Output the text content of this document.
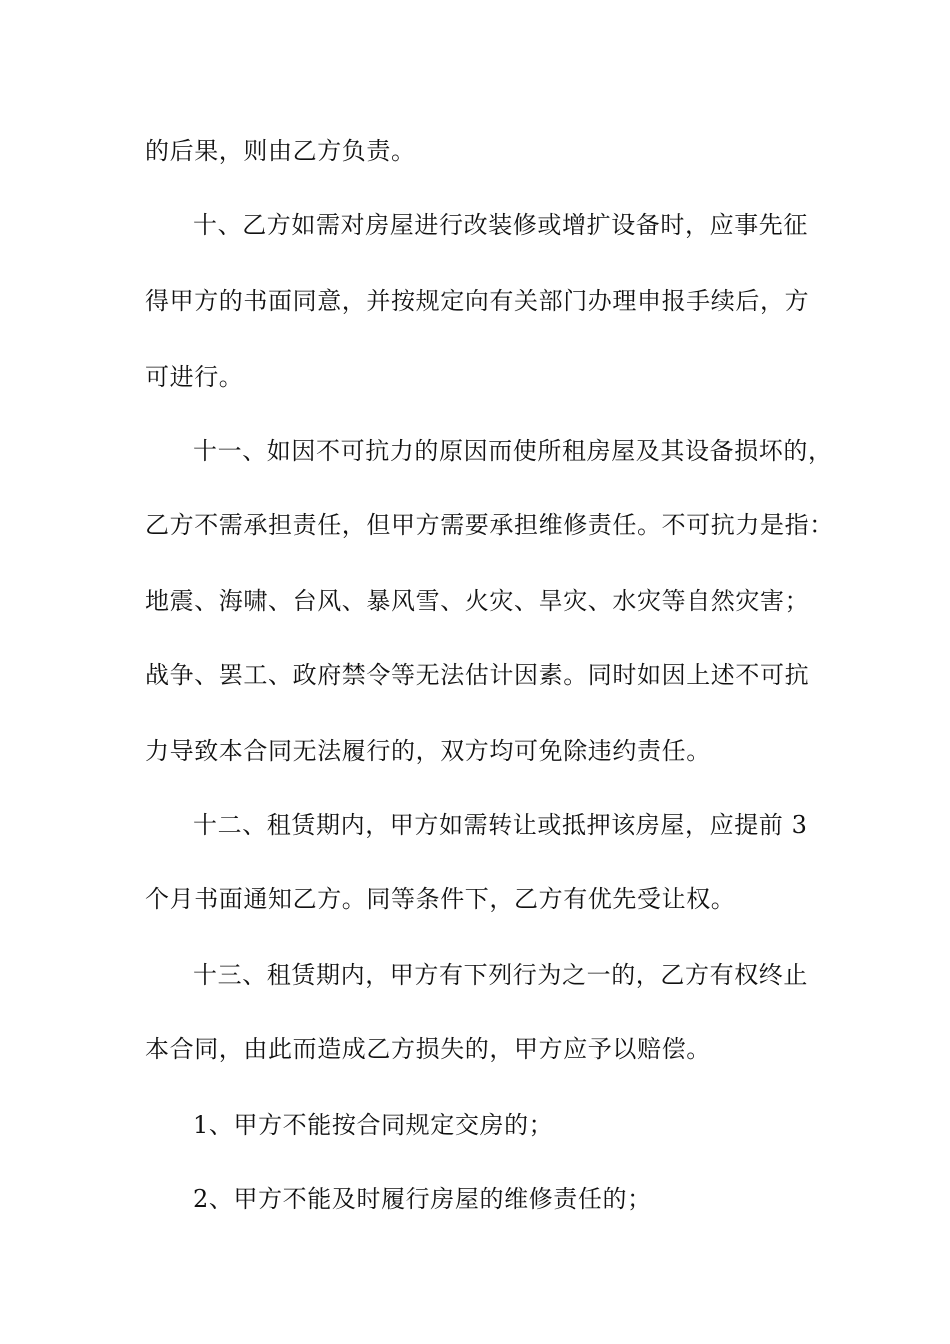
的后果，则由乙方负责。
十、乙方如需对房屋进行改装修或增扩设备时，应事先征
得甲方的书面同意，并按规定向有关部门办理申报手续后，方
可进行。
十一、如因不可抗力的原因而使所租房屋及其设备损坏的，
乙方不需承担责任，但甲方需要承担维修责任。不可抗力是指：
地震、海啸、台风、暴风雪、火灾、旱灾、水灾等自然灾害；
战争、罢工、政府禁令等无法估计因素。同时如因上述不可抗
力导致本合同无法履行的，双方均可免除违约责任。
十二、租赁期内，甲方如需转让或抵押该房屋，应提前 3
个月书面通知乙方。同等条件下，乙方有优先受让权。
十三、租赁期内，甲方有下列行为之一的，乙方有权终止
本合同，由此而造成乙方损失的，甲方应予以赔偿。
1、甲方不能按合同规定交房的；
2、甲方不能及时履行房屋的维修责任的；
